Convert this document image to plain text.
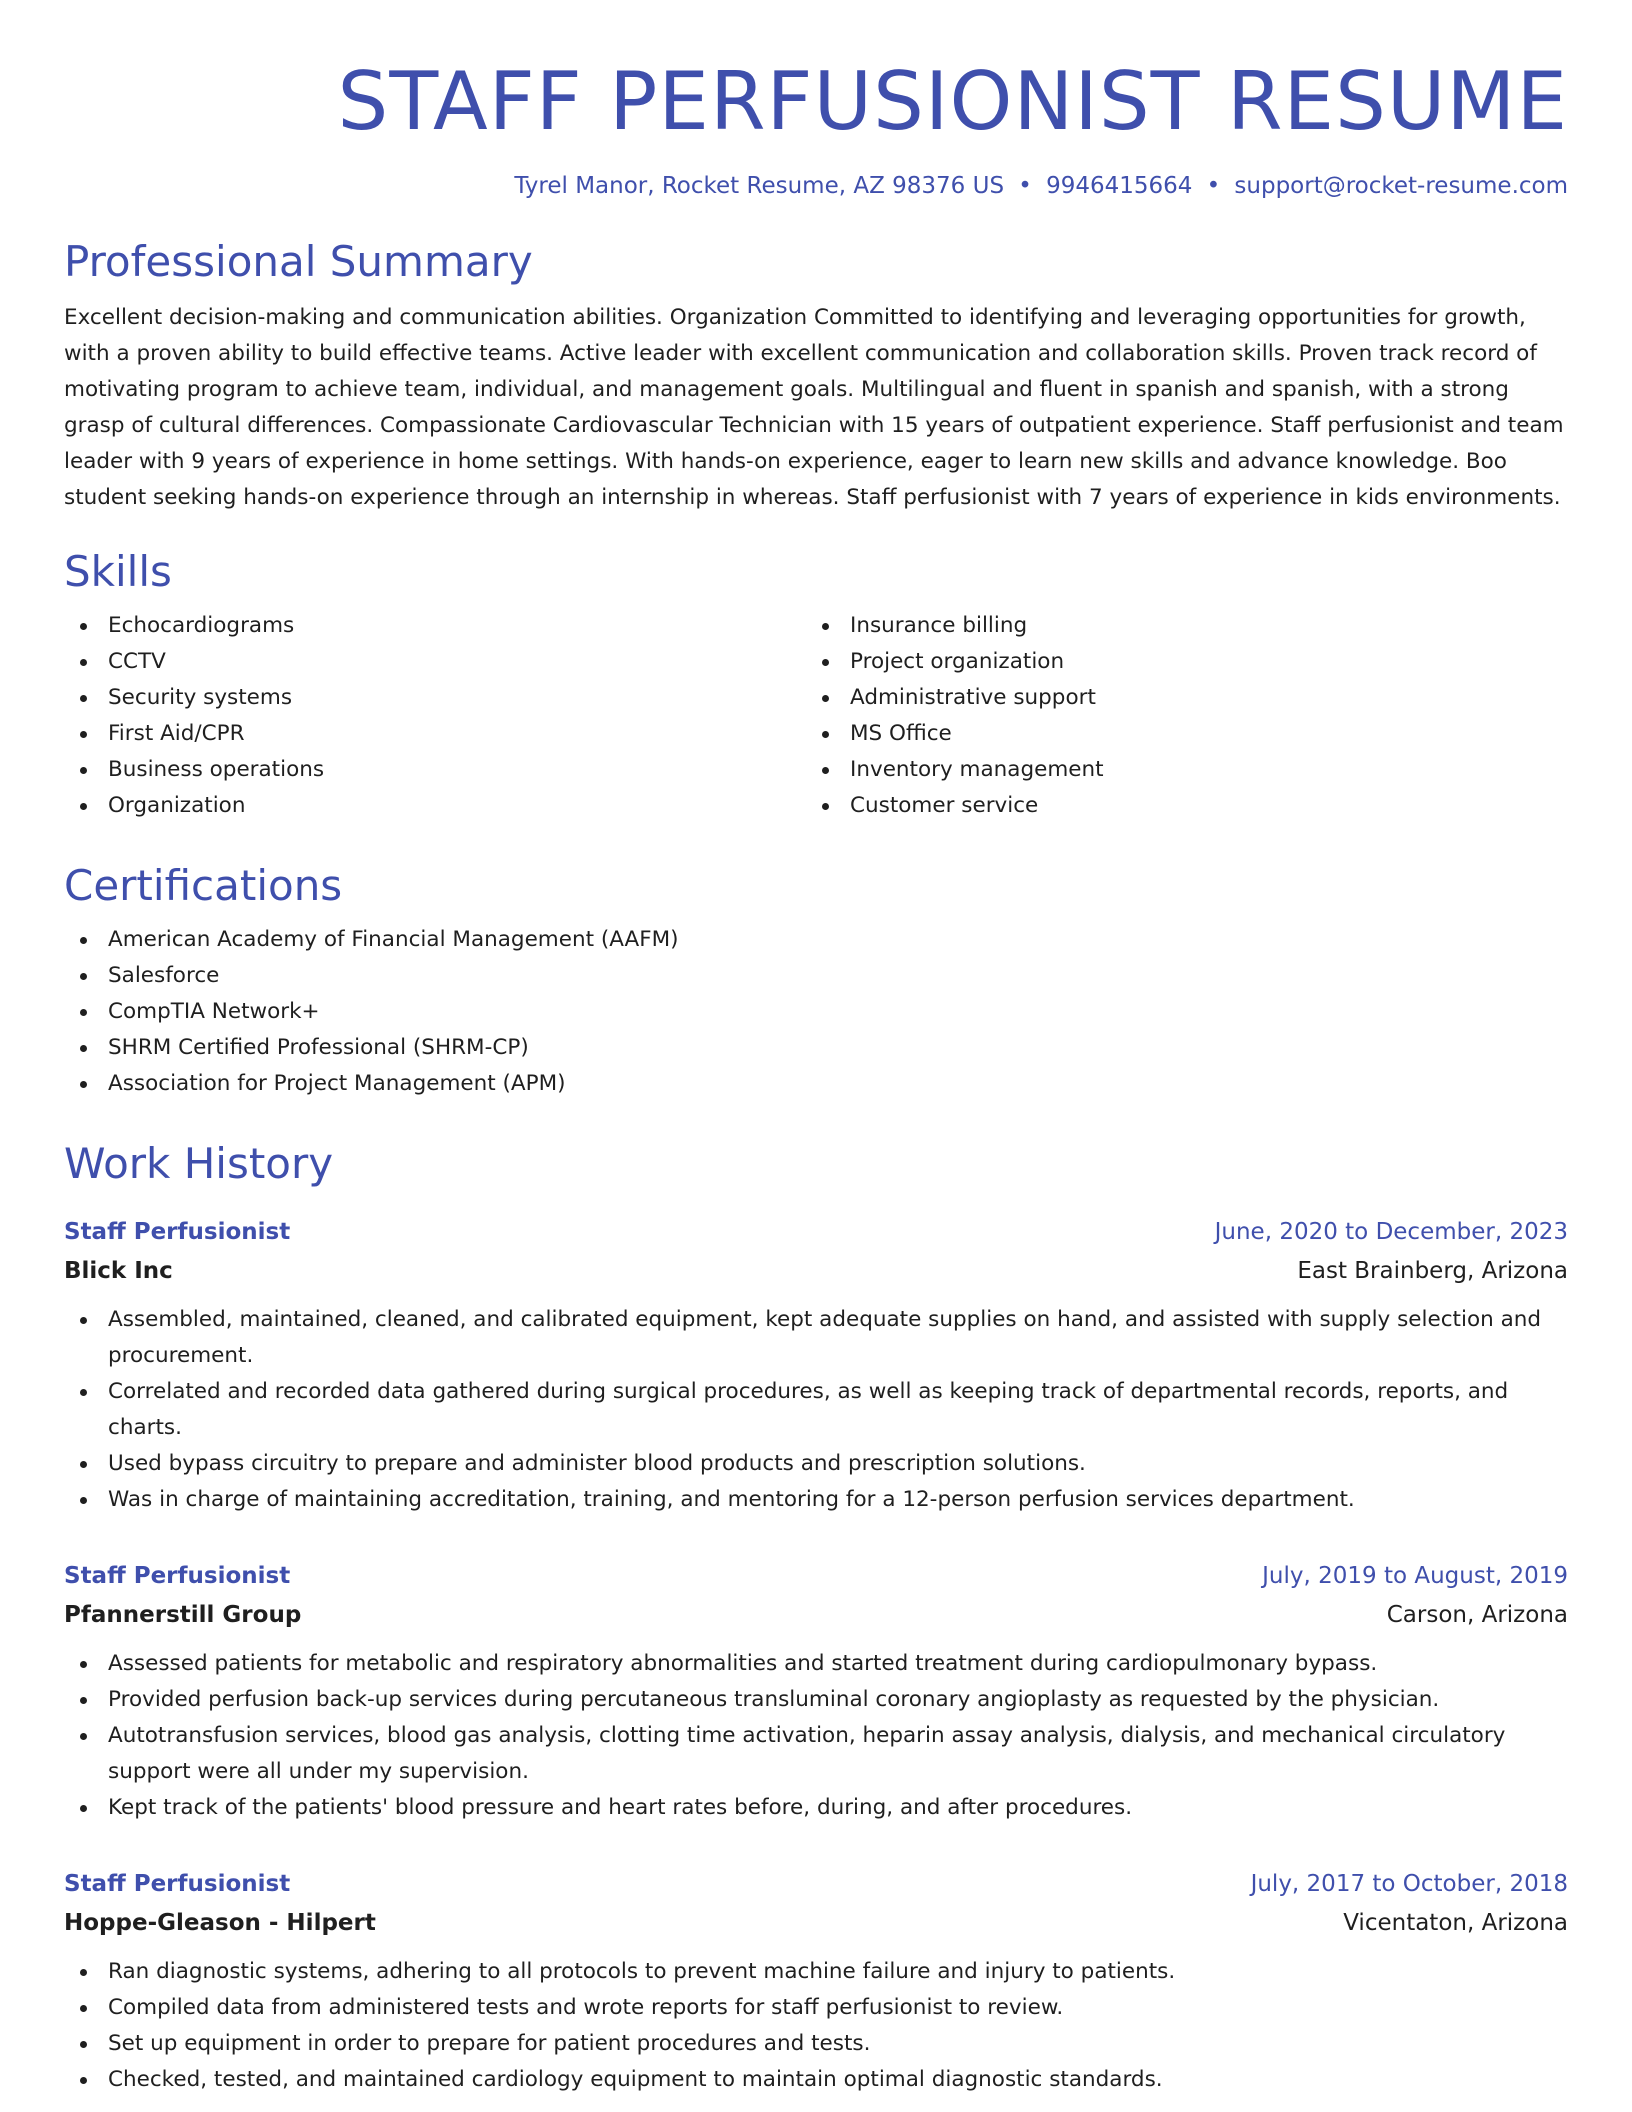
STAFF PERFUSIONIST RESUME
Tyrel Manor, Rocket Resume, AZ 98376 US • 9946415664 • support@rocket-resume.com
Professional Summary

Excellent decision-making and communication abilities. Organization Committed to identifying and leveraging opportunities for growth, with a proven ability to build effective teams. Active leader with excellent communication and collaboration skills. Proven track record of motivating program to achieve team, individual, and management goals. Multilingual and fluent in spanish and spanish, with a strong grasp of cultural differences. Compassionate Cardiovascular Technician with 15 years of outpatient experience. Staff perfusionist and team leader with 9 years of experience in home settings. With hands-on experience, eager to learn new skills and advance knowledge. Boo student seeking hands-on experience through an internship in whereas. Staff perfusionist with 7 years of experience in kids environments.

Skills
Echocardiograms
CCTV
Security systems
First Aid/CPR
Business operations
Organization
Insurance billing
Project organization
Administrative support
MS Office
Inventory management
Customer service
Certifications
American Academy of Financial Management (AAFM)
Salesforce
CompTIA Network+
SHRM Certified Professional (SHRM-CP)
Association for Project Management (APM)
Work History
Staff Perfusionist	June, 2020 to December, 2023
Blick Inc	East Brainberg, Arizona
Assembled, maintained, cleaned, and calibrated equipment, kept adequate supplies on hand, and assisted with supply selection and procurement.
Correlated and recorded data gathered during surgical procedures, as well as keeping track of departmental records, reports, and charts.
Used bypass circuitry to prepare and administer blood products and prescription solutions.
Was in charge of maintaining accreditation, training, and mentoring for a 12-person perfusion services department.
Staff Perfusionist	July, 2019 to August, 2019
Pfannerstill Group	Carson, Arizona
Assessed patients for metabolic and respiratory abnormalities and started treatment during cardiopulmonary bypass.
Provided perfusion back-up services during percutaneous transluminal coronary angioplasty as requested by the physician.
Autotransfusion services, blood gas analysis, clotting time activation, heparin assay analysis, dialysis, and mechanical circulatory support were all under my supervision.
Kept track of the patients' blood pressure and heart rates before, during, and after procedures.
Staff Perfusionist	July, 2017 to October, 2018
Hoppe-Gleason - Hilpert	Vicentaton, Arizona
Ran diagnostic systems, adhering to all protocols to prevent machine failure and injury to patients.
Compiled data from administered tests and wrote reports for staff perfusionist to review.
Set up equipment in order to prepare for patient procedures and tests.
Checked, tested, and maintained cardiology equipment to maintain optimal diagnostic standards.
